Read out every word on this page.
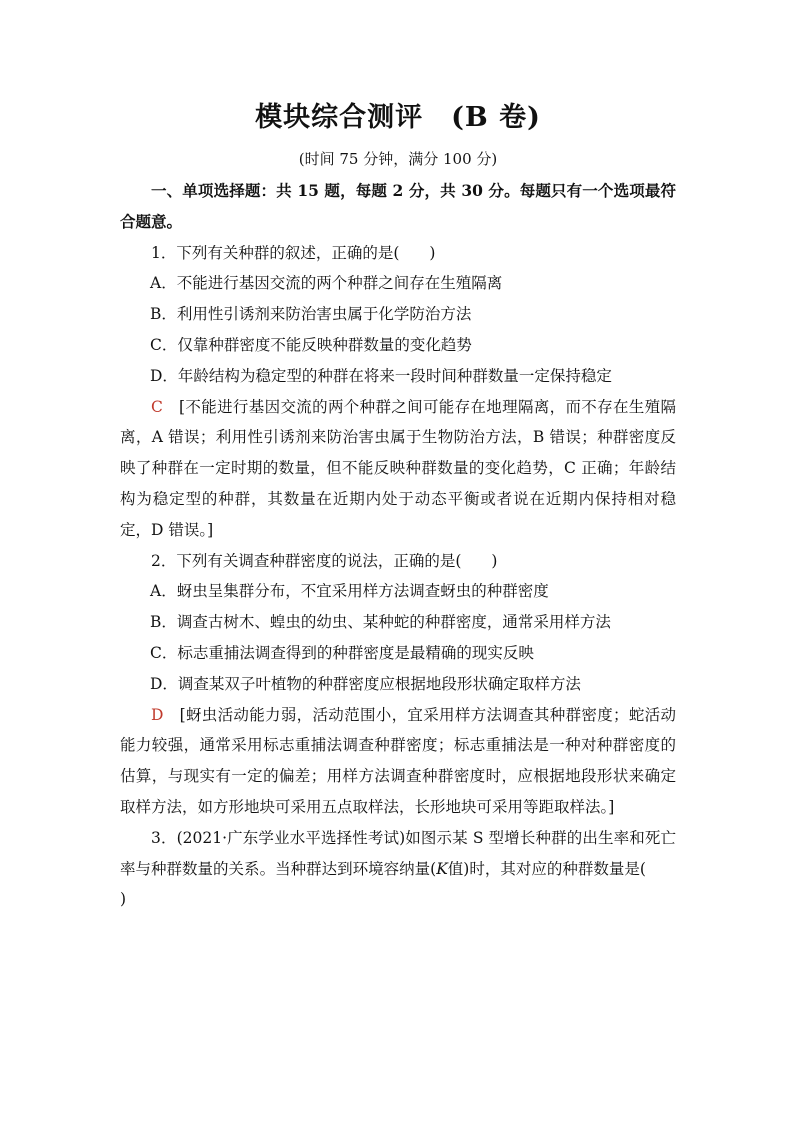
模块综合测评　(B 卷)
(时间 75 分钟，满分 100 分)

一、单项选择题：共 15 题，每题 2 分，共 30 分。每题只有一个选项最符合题意。

1．下列有关种群的叙述，正确的是( )

A．不能进行基因交流的两个种群之间存在生殖隔离

B．利用性引诱剂来防治害虫属于化学防治方法

C．仅靠种群密度不能反映种群数量的变化趋势

D．年龄结构为稳定型的种群在将来一段时间种群数量一定保持稳定

C　 [不能进行基因交流的两个种群之间可能存在地理隔离，而不存在生殖隔离，A 错误；利用性引诱剂来防治害虫属于生物防治方法，B 错误；种群密度反映了种群在一定时期的数量，但不能反映种群数量的变化趋势，C 正确；年龄结构为稳定型的种群，其数量在近期内处于动态平衡或者说在近期内保持相对稳定，D 错误。]

2．下列有关调查种群密度的说法，正确的是( )

A．蚜虫呈集群分布，不宜采用样方法调查蚜虫的种群密度

B．调查古树木、蝗虫的幼虫、某种蛇的种群密度，通常采用样方法

C．标志重捕法调查得到的种群密度是最精确的现实反映

D．调查某双子叶植物的种群密度应根据地段形状确定取样方法

D　 [蚜虫活动能力弱，活动范围小，宜采用样方法调查其种群密度；蛇活动能力较强，通常采用标志重捕法调查种群密度；标志重捕法是一种对种群密度的估算，与现实有一定的偏差；用样方法调查种群密度时，应根据地段形状来确定取样方法，如方形地块可采用五点取样法，长形地块可采用等距取样法。]

3．(2021·广东学业水平选择性考试)如图示某 S 型增长种群的出生率和死亡率与种群数量的关系。当种群达到环境容纳量(K值)时，其对应的种群数量是()
